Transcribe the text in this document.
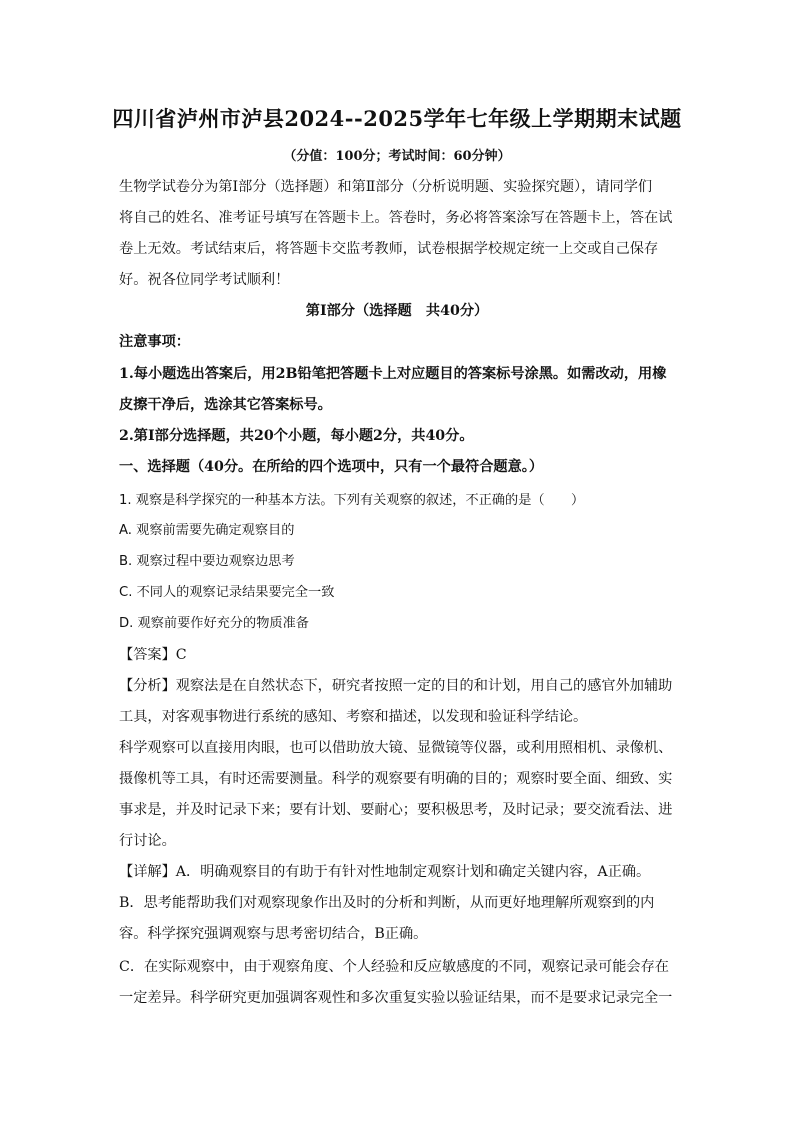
四川省泸州市泸县2024--2025学年七年级上学期期末试题
（分值：100分；考试时间：60分钟）
生物学试卷分为第Ⅰ部分（选择题）和第Ⅱ部分（分析说明题、实验探究题），请同学们
将自己的姓名、准考证号填写在答题卡上。答卷时，务必将答案涂写在答题卡上，答在试
卷上无效。考试结束后，将答题卡交监考教师，试卷根据学校规定统一上交或自己保存
好。祝各位同学考试顺利！
第Ⅰ部分（选择题　共40分）
注意事项：
1.每小题选出答案后，用2B铅笔把答题卡上对应题目的答案标号涂黑。如需改动，用橡
皮擦干净后，选涂其它答案标号。
2.第Ⅰ部分选择题，共20个小题，每小题2分，共40分。
一、选择题（40分。在所给的四个选项中，只有一个最符合题意。）
1. 观察是科学探究的一种基本方法。下列有关观察的叙述，不正确的是（　　）
A. 观察前需要先确定观察目的
B. 观察过程中要边观察边思考
C. 不同人的观察记录结果要完全一致
D. 观察前要作好充分的物质准备
【答案】C
【分析】观察法是在自然状态下，研究者按照一定的目的和计划，用自己的感官外加辅助
工具，对客观事物进行系统的感知、考察和描述，以发现和验证科学结论。
科学观察可以直接用肉眼，也可以借助放大镜、显微镜等仪器，或利用照相机、录像机、
摄像机等工具，有时还需要测量。科学的观察要有明确的目的；观察时要全面、细致、实
事求是，并及时记录下来；要有计划、要耐心；要积极思考，及时记录；要交流看法、进
行讨论。
【详解】A．明确观察目的有助于有针对性地制定观察计划和确定关键内容，A正确。
B．思考能帮助我们对观察现象作出及时的分析和判断，从而更好地理解所观察到的内
容。科学探究强调观察与思考密切结合，B正确。
C．在实际观察中，由于观察角度、个人经验和反应敏感度的不同，观察记录可能会存在
一定差异。科学研究更加强调客观性和多次重复实验以验证结果，而不是要求记录完全一
